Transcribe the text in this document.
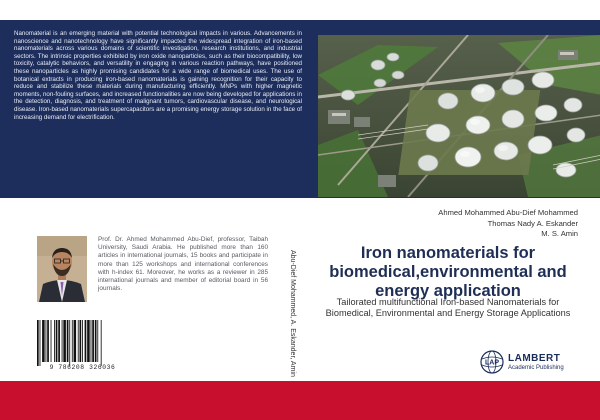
Nanomaterial is an emerging material with potential technological impacts in various. Advancements in nanoscience and nanotechnology have significantly impacted the widespread integration of iron-based nanomaterials across various domains of scientific investigation, research institutions, and industrial sectors. The intrinsic properties exhibited by iron oxide nanoparticles, such as their biocompatibility, low toxicity, catalytic behaviors, and versatility in engaging in various reaction pathways, have positioned these nanoparticles as highly promising candidates for a wide range of biomedical uses. The use of botanical extracts in producing iron-based nanomaterials is gaining recognition for their capacity to reduce and stabilize these materials during manufacturing efficiently. MNPs with higher magnetic moments, non-fouling surfaces, and increased functionalities are now being developed for applications in the detection, diagnosis, and treatment of malignant tumors, cardiovascular disease, and neurological disease. Iron-based nanomaterials supercapacitors are a promising energy storage solution in the face of increasing demand for electrification.

Prof. Dr. Ahmed Mohammed Abu-Dief, professor, Taibah University, Saudi Arabia. He published more than 160 articles in international journals, 15 books and participate in more than 125 workshops and international conferences with h-index 61. Moreover, he works as a reviewer in 285 international journals and member of editorial board in 56 journals.

9 786208 326036	Abu-Dief Mohammed, A. Eskander, Amin
Ahmed Mohammed Abu-Dief Mohammed
Thomas Nady A. Eskander
M. S. Amin
Iron nanomaterials for biomedical,environmental and energy application

Tailorated multifunctional Iron-based Nanomaterials for Biomedical, Environmental and Energy Storage Applications

LAP LAMBERT
Academic Publishing
